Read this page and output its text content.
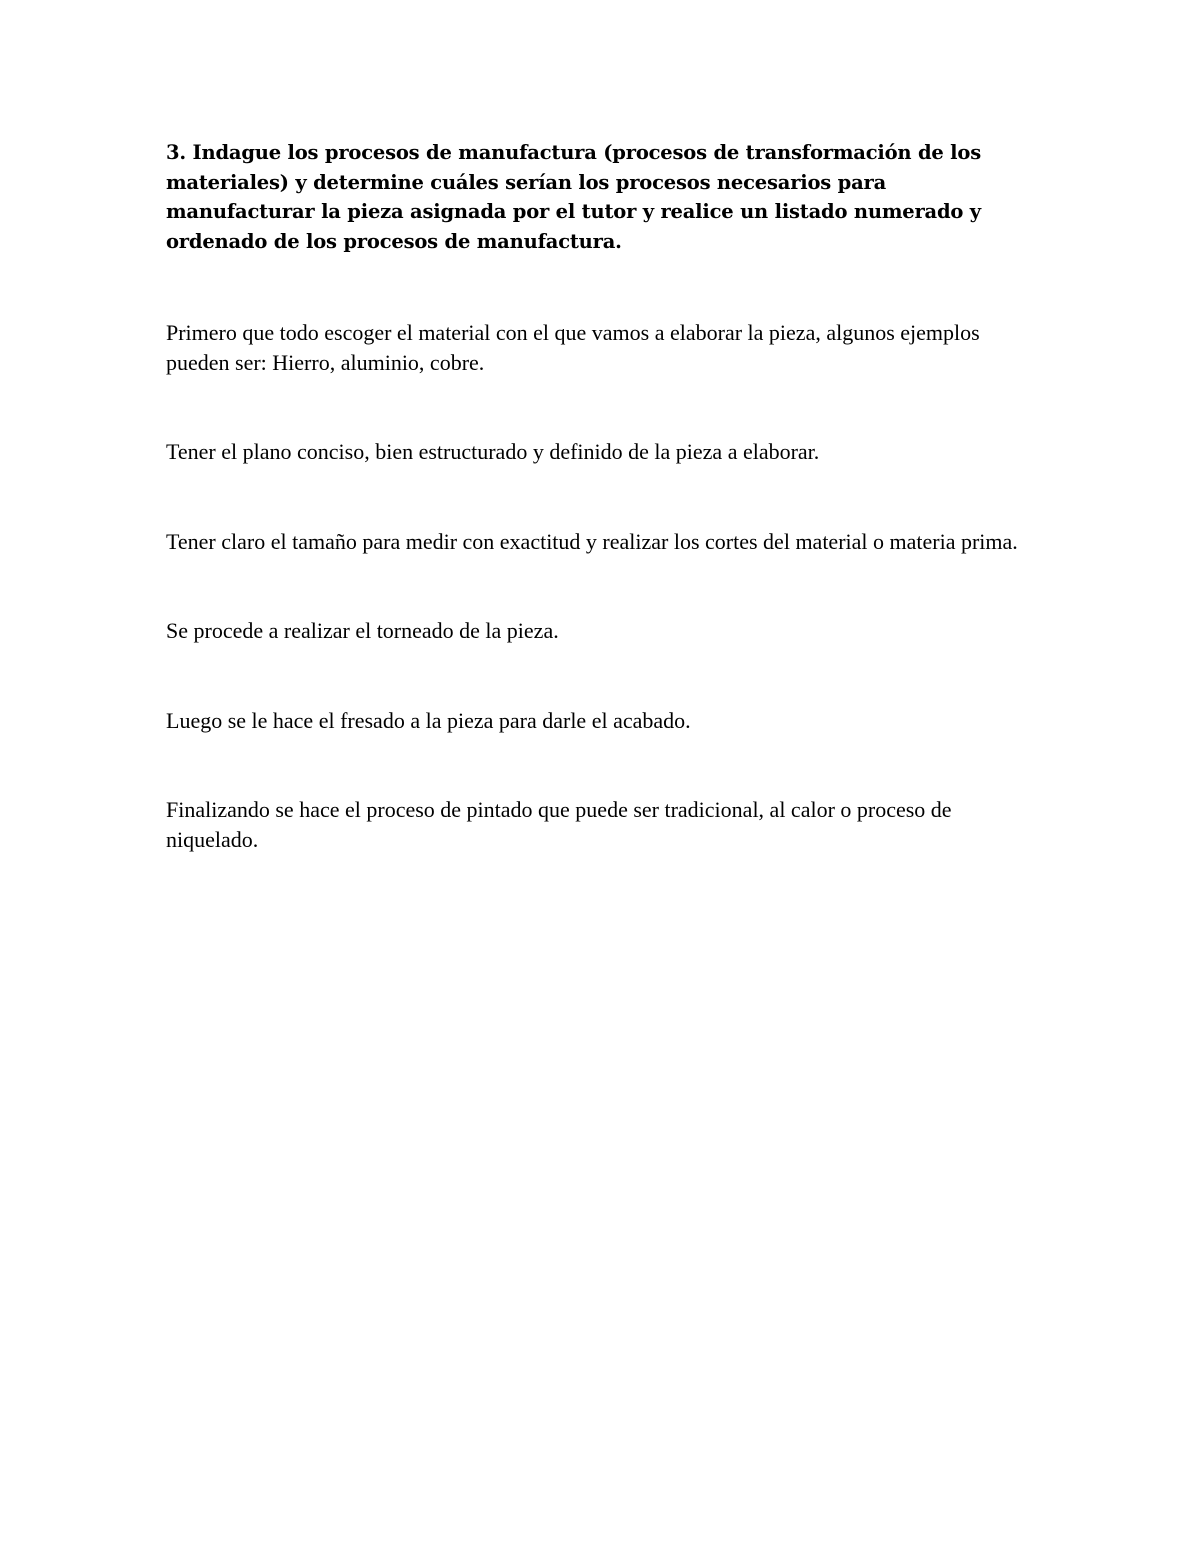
3. Indague los procesos de manufactura (procesos de transformación de los materiales) y determine cuáles serían los procesos necesarios para manufacturar la pieza asignada por el tutor y realice un listado numerado y ordenado de los procesos de manufactura.

Primero que todo escoger el material con el que vamos a elaborar la pieza, algunos ejemplos pueden ser: Hierro, aluminio, cobre.

Tener el plano conciso, bien estructurado y definido de la pieza a elaborar.

Tener claro el tamaño para medir con exactitud y realizar los cortes del material o materia prima.

Se procede a realizar el torneado de la pieza.

Luego se le hace el fresado a la pieza para darle el acabado.

Finalizando se hace el proceso de pintado que puede ser tradicional, al calor o proceso de niquelado.
